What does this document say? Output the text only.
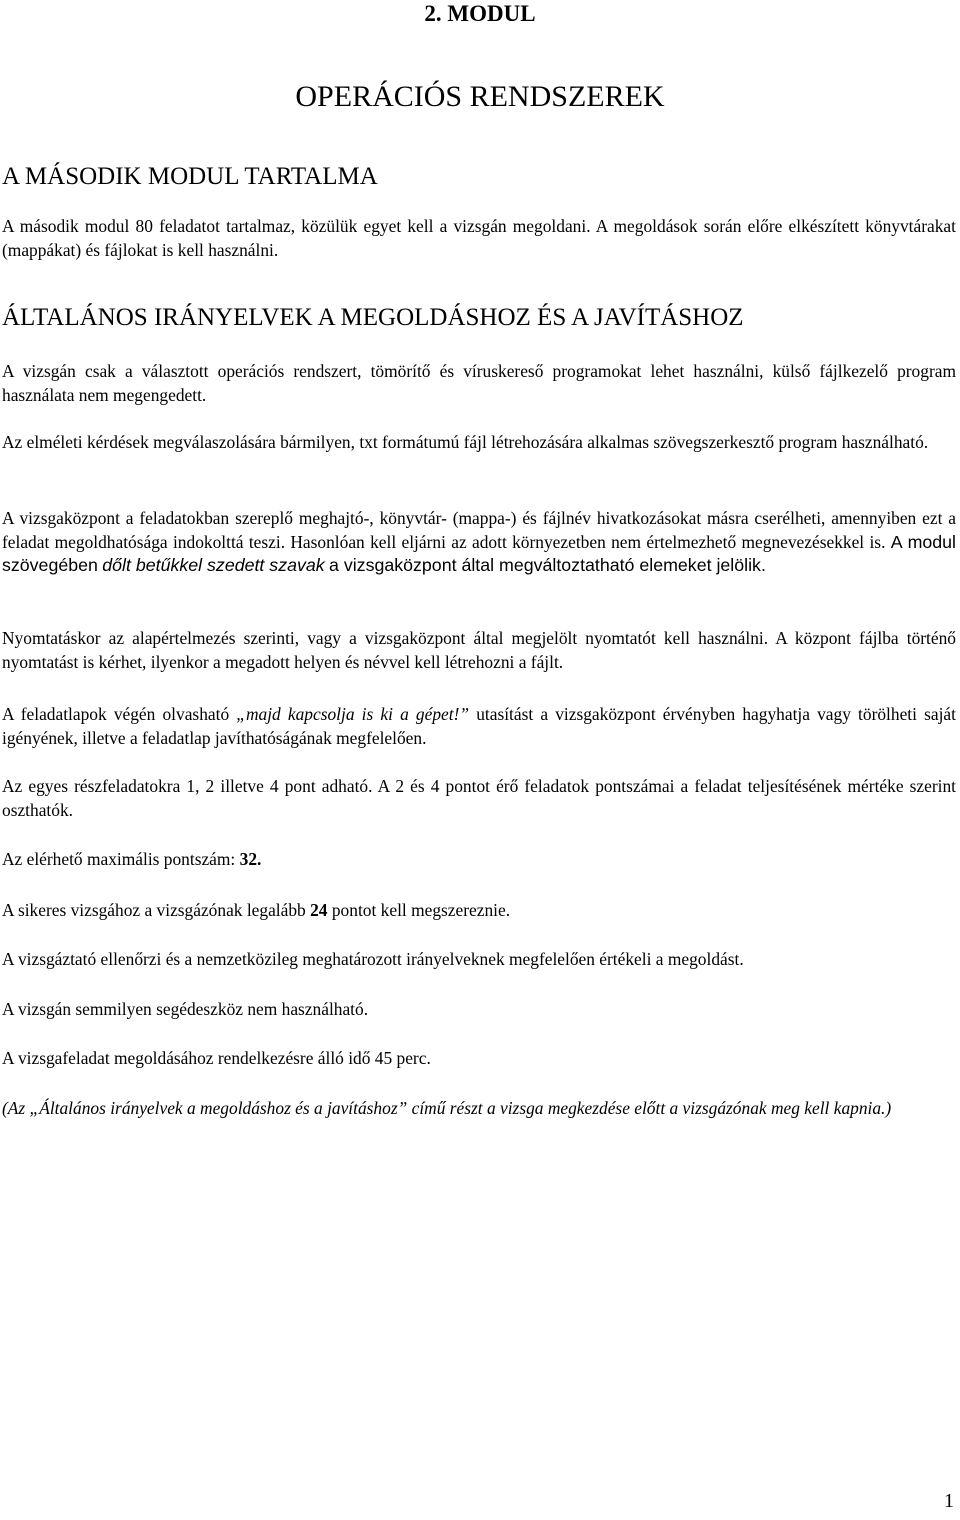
2. MODUL
OPERÁCIÓS RENDSZEREK
A MÁSODIK MODUL TARTALMA

A második modul 80 feladatot tartalmaz, közülük egyet kell a vizsgán megoldani. A megoldások során előre elkészített könyvtárakat (mappákat) és fájlokat is kell használni.

ÁLTALÁNOS IRÁNYELVEK A MEGOLDÁSHOZ ÉS A JAVÍTÁSHOZ

A vizsgán csak a választott operációs rendszert, tömörítő és víruskereső programokat lehet használni, külső fájlkezelő program használata nem megengedett.

Az elméleti kérdések megválaszolására bármilyen, txt formátumú fájl létrehozására alkalmas szövegszerkesztő program használható.

A vizsgaközpont a feladatokban szereplő meghajtó-, könyvtár- (mappa-) és fájlnév hivatkozásokat másra cserélheti, amennyiben ezt a feladat megoldhatósága indokolttá teszi. Hasonlóan kell eljárni az adott környezetben nem értelmezhető megnevezésekkel is. A modul szövegében dőlt betűkkel szedett szavak a vizsgaközpont által megváltoztatható elemeket jelölik.

Nyomtatáskor az alapértelmezés szerinti, vagy a vizsgaközpont által megjelölt nyomtatót kell használni. A központ fájlba történő nyomtatást is kérhet, ilyenkor a megadott helyen és névvel kell létrehozni a fájlt.

A feladatlapok végén olvasható „majd kapcsolja is ki a gépet!” utasítást a vizsgaközpont érvényben hagyhatja vagy törölheti saját igényének, illetve a feladatlap javíthatóságának megfelelően.

Az egyes részfeladatokra 1, 2 illetve 4 pont adható. A 2 és 4 pontot érő feladatok pontszámai a feladat teljesítésének mértéke szerint oszthatók.

Az elérhető maximális pontszám: 32.

A sikeres vizsgához a vizsgázónak legalább 24 pontot kell megszereznie.

A vizsgáztató ellenőrzi és a nemzetközileg meghatározott irányelveknek megfelelően értékeli a megoldást.

A vizsgán semmilyen segédeszköz nem használható.

A vizsgafeladat megoldásához rendelkezésre álló idő 45 perc.

(Az „Általános irányelvek a megoldáshoz és a javításhoz” című részt a vizsga megkezdése előtt a vizsgázónak meg kell kapnia.)

1
